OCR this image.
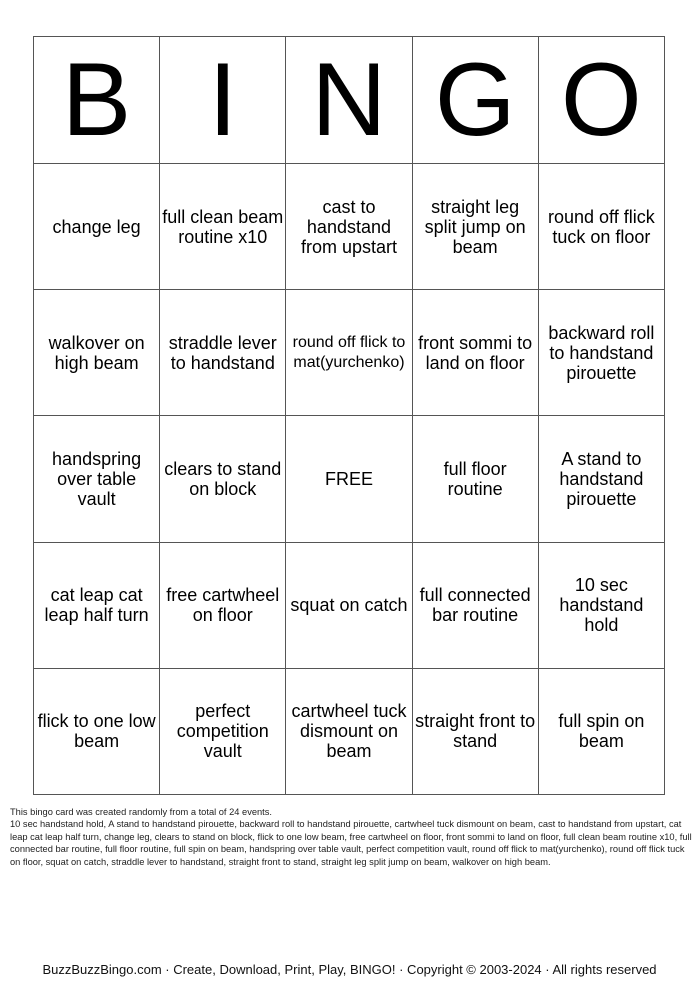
B	I	N	G	O
change leg	full clean beam routine x10	cast to handstand from upstart	straight leg split jump on beam	round off flick tuck on floor
walkover on high beam	straddle lever to handstand	round off flick to mat(yurchenko)	front sommi to land on floor	backward roll to handstand pirouette
handspring over table vault	clears to stand on block	FREE	full floor routine	A stand to handstand pirouette
cat leap cat leap half turn	free cartwheel on floor	squat on catch	full connected bar routine	10 sec handstand hold
flick to one low beam	perfect competition vault	cartwheel tuck dismount on beam	straight front to stand	full spin on beam

This bingo card was created randomly from a total of 24 events.

10 sec handstand hold, A stand to handstand pirouette, backward roll to handstand pirouette, cartwheel tuck dismount on beam, cast to handstand from upstart, cat leap cat leap half turn, change leg, clears to stand on block, flick to one low beam, free cartwheel on floor, front sommi to land on floor, full clean beam routine x10, full connected bar routine, full floor routine, full spin on beam, handspring over table vault, perfect competition vault, round off flick to mat(yurchenko), round off flick tuck on floor, squat on catch, straddle lever to handstand, straight front to stand, straight leg split jump on beam, walkover on high beam.

BuzzBuzzBingo.com · Create, Download, Print, Play, BINGO! · Copyright © 2003-2024 · All rights reserved
